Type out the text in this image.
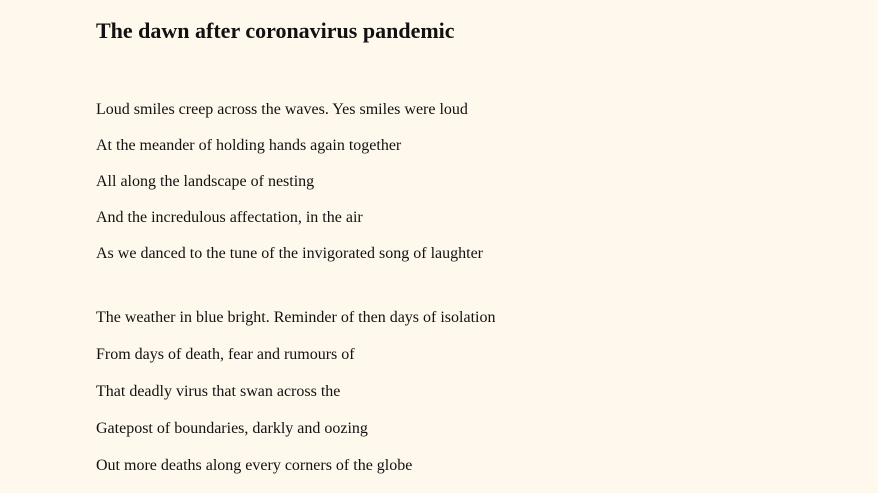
The dawn after coronavirus pandemic
Loud smiles creep across the waves. Yes smiles were loud
At the meander of holding hands again together
All along the landscape of nesting
And the incredulous affectation, in the air
As we danced to the tune of the invigorated song of laughter
The weather in blue bright. Reminder of then days of isolation
From days of death, fear and rumours of
That deadly virus that swan across the
Gatepost of boundaries, darkly and oozing
Out more deaths along every corners of the globe
